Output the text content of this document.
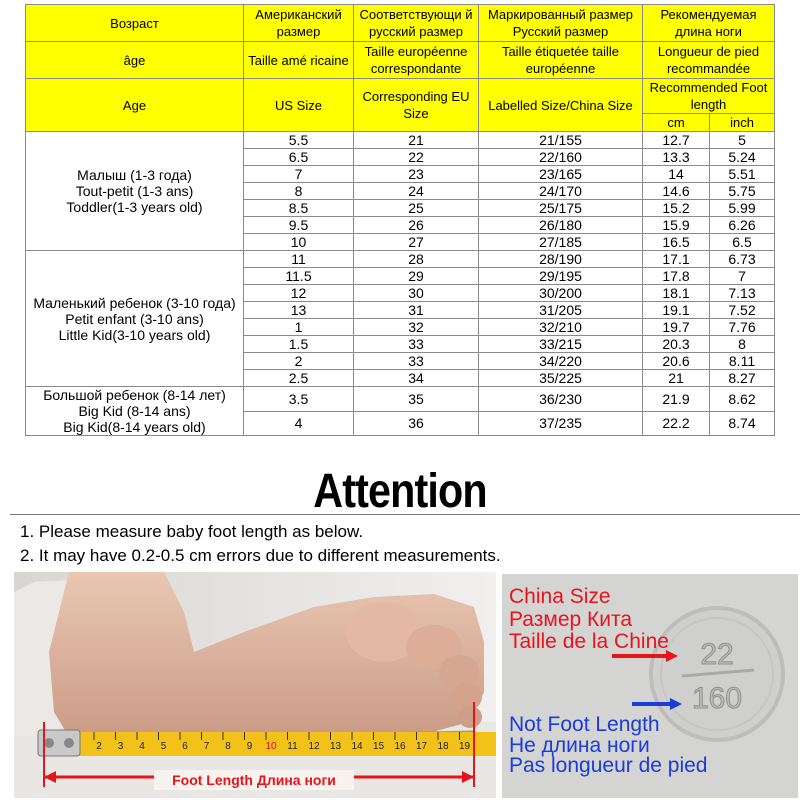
Возраст	Американский размер	Соответствующи й русский размер	Маркированный размер Русский размер	Рекомендуемая длина ноги	
âge	Taille amé ricaine	Taille européenne correspondante	Taille étiquetée taille européenne	Longueur de pied recommandée	
Age	US Size	Corresponding EU Size	Labelled Size/China Size	Recommended Foot length	
				cm	inch

Малыш (1-3 года)
Tout-petit (1-3 ans)
Toddler(1-3 years old)	5.5	21	21/155	12.7	5
	6.5	22	22/160	13.3	5.24
	7	23	23/165	14	5.51
	8	24	24/170	14.6	5.75
	8.5	25	25/175	15.2	5.99
	9.5	26	26/180	15.9	6.26
	10	27	27/185	16.5	6.5

Маленький ребенок (3-10 года)
Petit enfant (3-10 ans)
Little Kid(3-10 years old)	11	28	28/190	17.1	6.73
	11.5	29	29/195	17.8	7
	12	30	30/200	18.1	7.13
	13	31	31/205	19.1	7.52
	1	32	32/210	19.7	7.76
	1.5	33	33/215	20.3	8
	2	33	34/220	20.6	8.11
	2.5	34	35/225	21	8.27

Большой ребенок (8-14 лет)
Big Kid (8-14 ans)
Big Kid(8-14 years old)	3.5	35	36/230	21.9	8.62
	4	36	37/235	22.2	8.74
Attention
1. Please measure baby foot length as below.
2. It may have 0.2-0.5 cm errors due to different measurements.
2 3 4 5 6 7 8 9 10 11 12 13 14 15 16 17 18 19
Foot Length Длина ноги
22
160
China Size
Размер Кита
Taille de la Chine
Not Foot Length
Не длина ноги
Pas longueur de pied
